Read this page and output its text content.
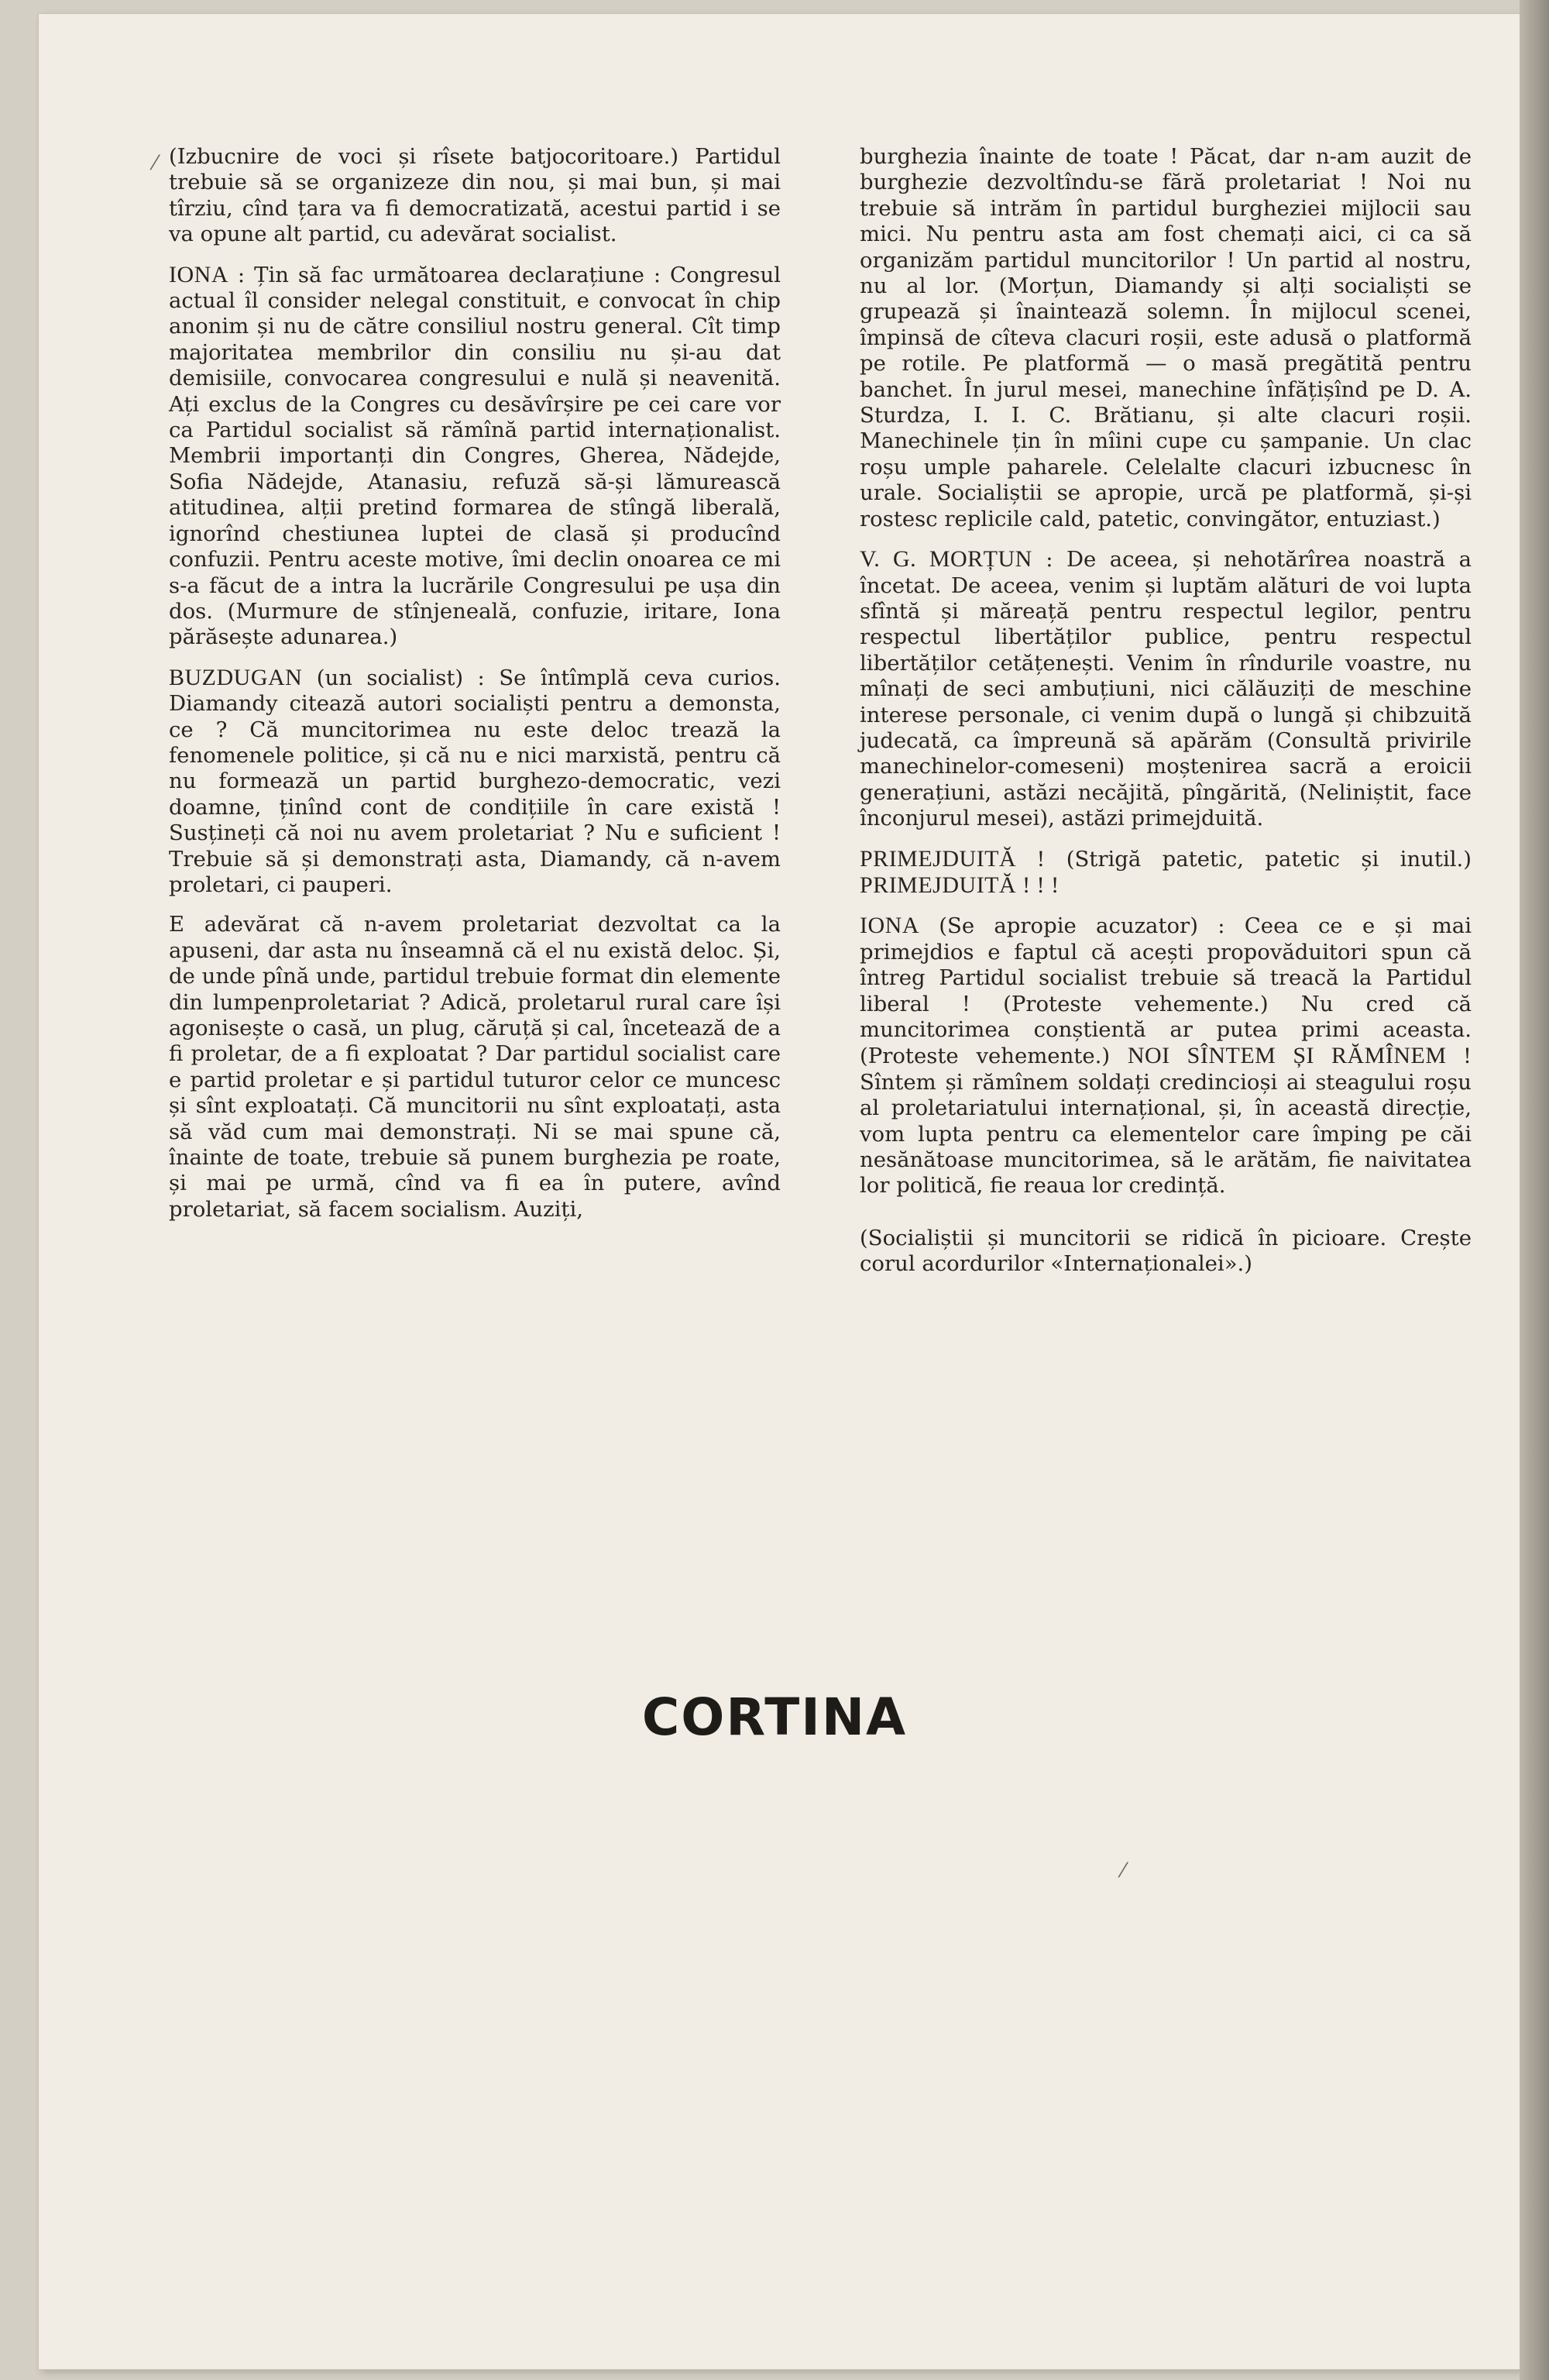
⁄
⁄

(Izbucnire de voci și rîsete batjocoritoare.) Partidul trebuie să se organizeze din nou, și mai bun, și mai tîrziu, cînd țara va fi democratizată, acestui partid i se va opune alt partid, cu adevărat socialist.

IONA : Țin să fac următoarea declarațiune : Congresul actual îl consider nelegal constituit, e convocat în chip anonim și nu de către consiliul nostru general. Cît timp majoritatea membrilor din consiliu nu și-au dat demisiile, convocarea congresului e nulă și neavenită. Ați exclus de la Congres cu desăvîrșire pe cei care vor ca Partidul socialist să rămînă partid internaționalist. Membrii importanți din Congres, Gherea, Nădejde, Sofia Nădejde, Atanasiu, refuză să-și lămurească atitudinea, alții pretind formarea de stîngă liberală, ignorînd chestiunea luptei de clasă și producînd confuzii. Pentru aceste motive, îmi declin onoarea ce mi s-a făcut de a intra la lucrările Congresului pe ușa din dos. (Murmure de stînjeneală, confuzie, iritare, Iona părăsește adunarea.)

BUZDUGAN (un socialist) : Se întîmplă ceva curios. Diamandy citează autori socialiști pentru a demonsta, ce ? Că muncitorimea nu este deloc trează la fenomenele politice, și că nu e nici marxistă, pentru că nu formează un partid burghezo-democratic, vezi doamne, ținînd cont de condițiile în care există ! Susțineți că noi nu avem proletariat ? Nu e suficient ! Trebuie să și demonstrați asta, Diamandy, că n-avem proletari, ci pauperi.

E adevărat că n-avem proletariat dezvoltat ca la apuseni, dar asta nu înseamnă că el nu există deloc. Și, de unde pînă unde, partidul trebuie format din elemente din lumpenproletariat ? Adică, proletarul rural care își agonisește o casă, un plug, căruță și cal, încetează de a fi proletar, de a fi exploatat ? Dar partidul socialist care e partid proletar e și partidul tuturor celor ce muncesc și sînt exploatați. Că muncitorii nu sînt exploatați, asta să văd cum mai demonstrați. Ni se mai spune că, înainte de toate, trebuie să punem burghezia pe roate, și mai pe urmă, cînd va fi ea în putere, avînd proletariat, să facem socialism. Auziți,

burghezia înainte de toate ! Păcat, dar n-am auzit de burghezie dezvoltîndu-se fără proletariat ! Noi nu trebuie să intrăm în partidul burgheziei mijlocii sau mici. Nu pentru asta am fost chemați aici, ci ca să organizăm partidul muncitorilor ! Un partid al nostru, nu al lor. (Morțun, Diamandy și alți socialiști se grupează și înaintează solemn. În mijlocul scenei, împinsă de cîteva clacuri roșii, este adusă o platformă pe rotile. Pe platformă — o masă pregătită pentru banchet. În jurul mesei, manechine înfățișînd pe D. A. Sturdza, I. I. C. Brătianu, și alte clacuri roșii. Manechinele țin în mîini cupe cu șampanie. Un clac roșu umple paharele. Celelalte clacuri izbucnesc în urale. Socialiștii se apropie, urcă pe platformă, și-și rostesc replicile cald, patetic, convingător, entuziast.)

V. G. MORȚUN : De aceea, și nehotărîrea noastră a încetat. De aceea, venim și luptăm alături de voi lupta sfîntă și măreață pentru respectul legilor, pentru respectul libertăților publice, pentru respectul libertăților cetățenești. Venim în rîndurile voastre, nu mînați de seci ambuțiuni, nici călăuziți de meschine interese personale, ci venim după o lungă și chibzuită judecată, ca împreună să apărăm (Consultă privirile manechinelor-comeseni) moștenirea sacră a eroicii generațiuni, astăzi necăjită, pîngărită, (Neliniștit, face înconjurul mesei), astăzi primejduită.

PRIMEJDUITĂ ! (Strigă patetic, patetic și inutil.) PRIMEJDUITĂ ! ! !

IONA (Se apropie acuzator) : Ceea ce e și mai primejdios e faptul că acești propovăduitori spun că întreg Partidul socialist trebuie să treacă la Partidul liberal ! (Proteste vehemente.) Nu cred că muncitorimea conștientă ar putea primi aceasta. (Proteste vehemente.) NOI SÎNTEM ȘI RĂMÎNEM ! Sîntem și rămînem soldați credincioși ai steagului roșu al proletariatului internațional, și, în această direcție, vom lupta pentru ca elementelor care împing pe căi nesănătoase muncitorimea, să le arătăm, fie naivitatea lor politică, fie reaua lor credință.

(Socialiștii și muncitorii se ridică în picioare. Crește corul acordurilor «Internaționalei».)

CORTINA
